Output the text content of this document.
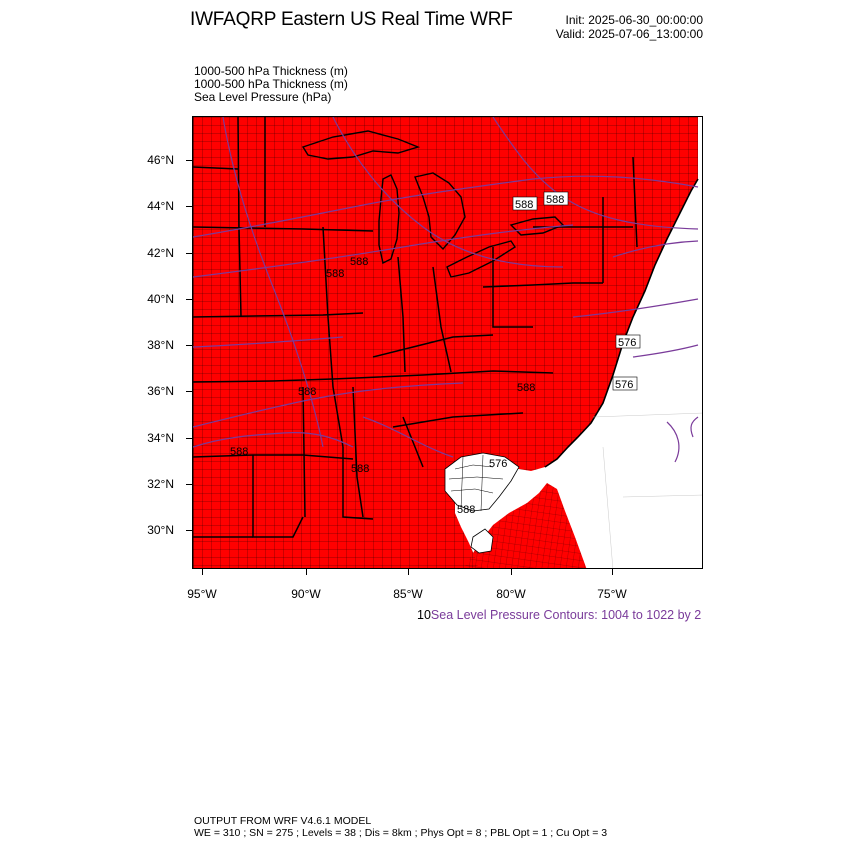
IWFAQRP Eastern US Real Time WRF	Init: 2025-06-30_00:00:00
Valid: 2025-07-06_13:00:00
1000-500 hPa Thickness (m)
1000-500 hPa Thickness (m)
Sea Level Pressure (hPa)
588 588
588
588
576
576
588
588
588
588
576
588
46°N
44°N
42°N
40°N
38°N
36°N
34°N
32°N
30°N
95°W	90°W	85°W	80°W	75°W
10Sea Level Pressure Contours: 1004 to 1022 by 2
OUTPUT FROM WRF V4.6.1 MODEL
WE = 310 ; SN = 275 ; Levels = 38 ; Dis = 8km ; Phys Opt = 8 ; PBL Opt = 1 ; Cu Opt = 3
